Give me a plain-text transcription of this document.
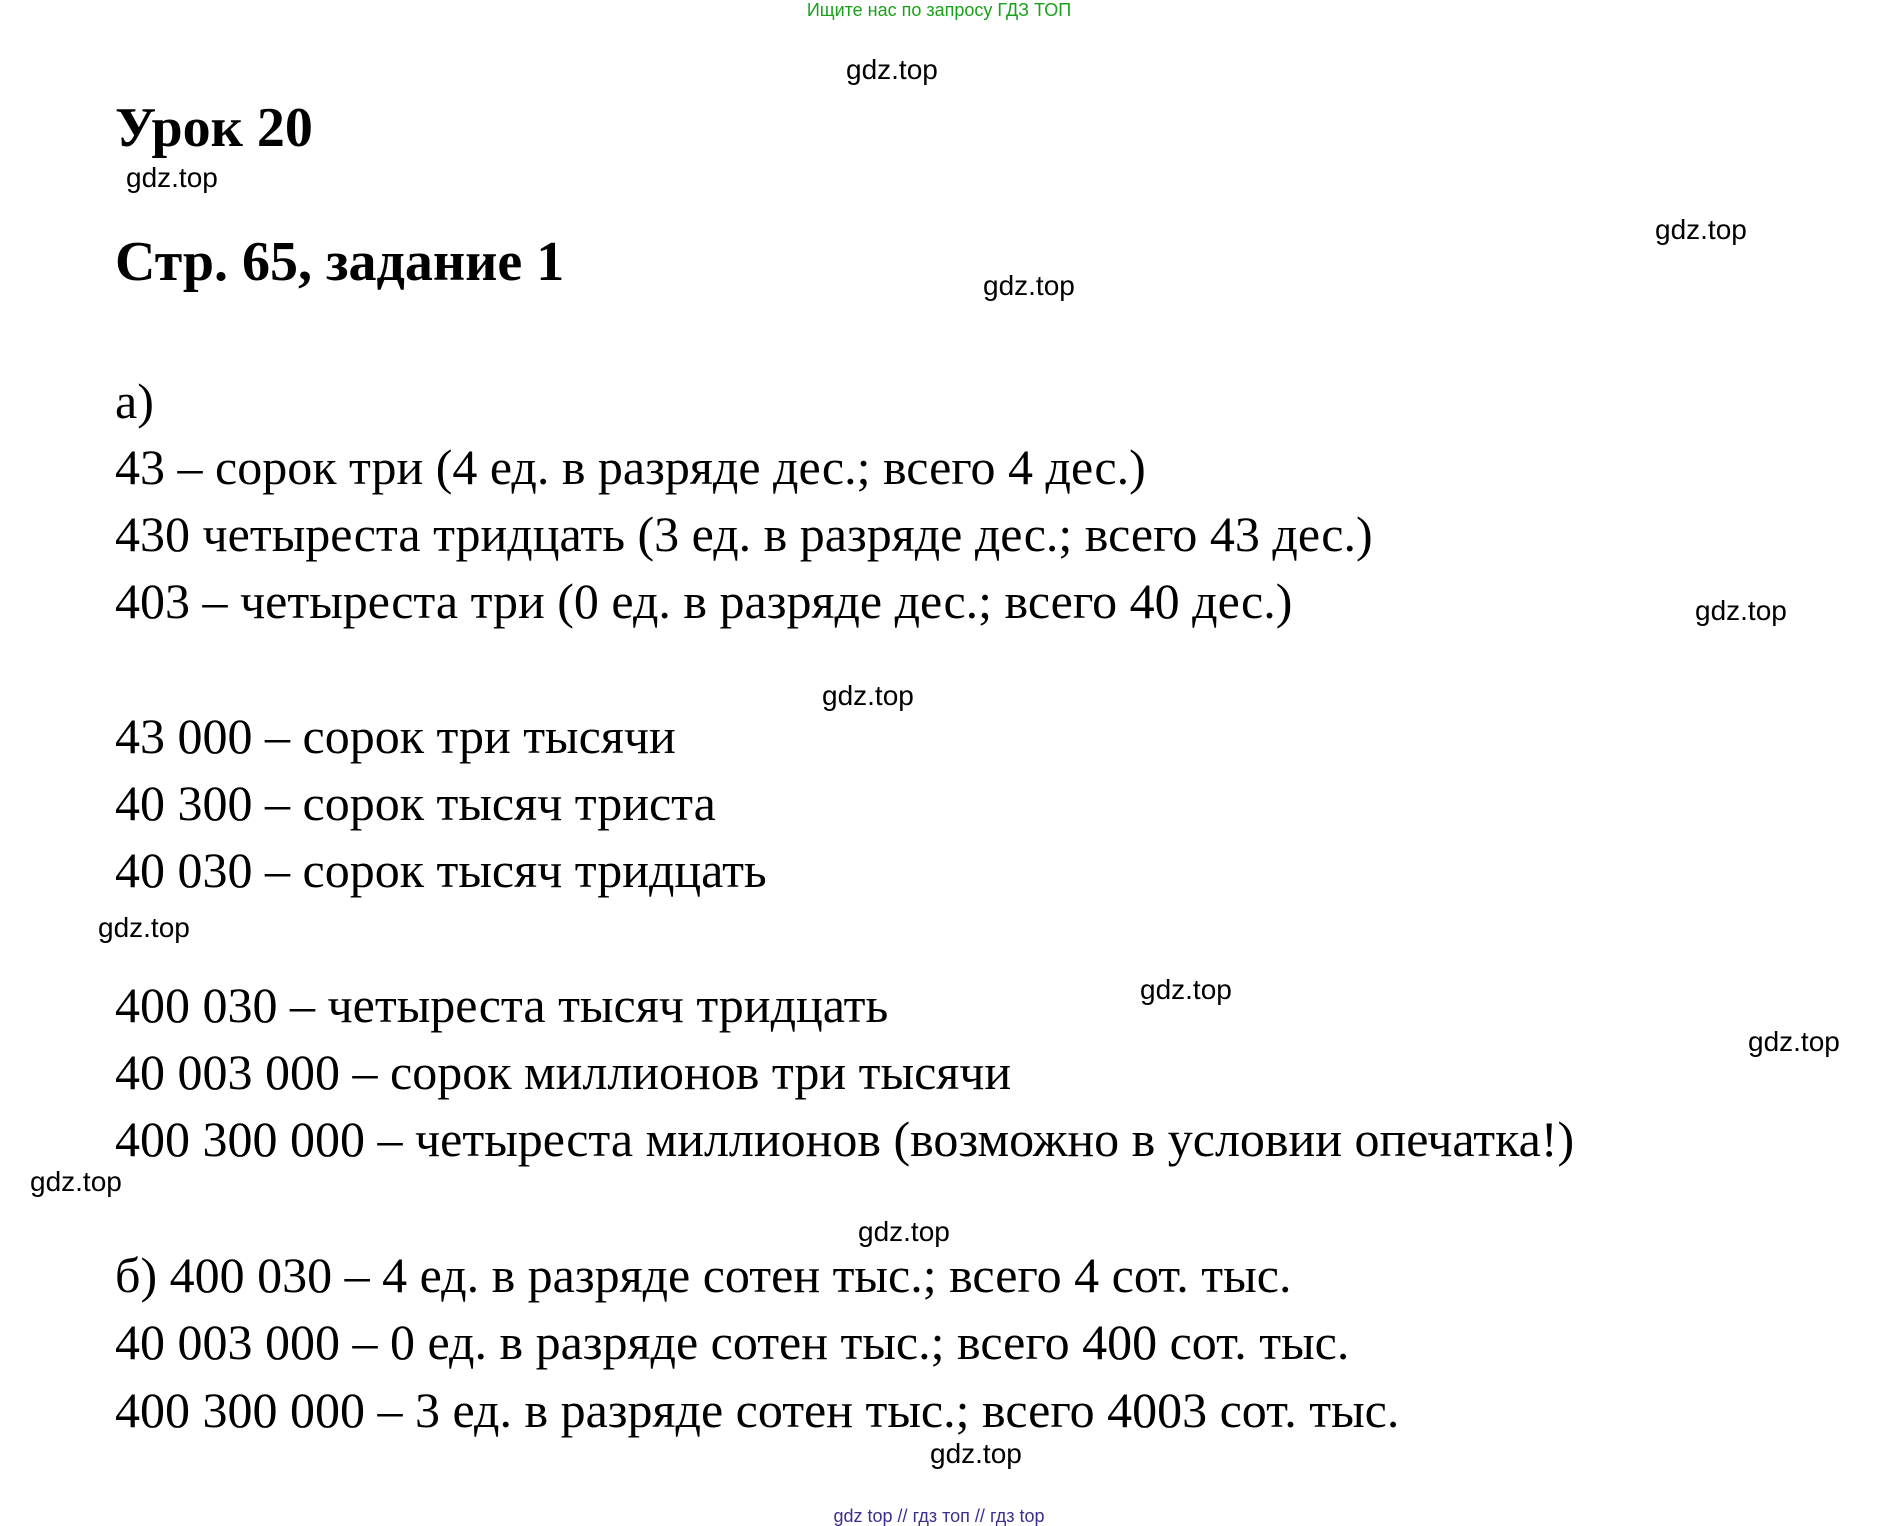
Ищите нас по запросу ГДЗ ТОП
gdz.top
gdz.top
gdz.top
gdz.top
gdz.top
gdz.top
gdz.top
gdz.top
gdz.top
gdz.top
gdz.top
gdz.top
Урок 20
Стр. 65, задание 1
а)
43 – сорок три (4 ед. в разряде дес.; всего 4 дес.)
430 четыреста тридцать (3 ед. в разряде дес.; всего 43 дес.)
403 – четыреста три (0 ед. в разряде дес.; всего 40 дес.)
43 000 – сорок три тысячи
40 300 – сорок тысяч триста
40 030 – сорок тысяч тридцать
400 030 – четыреста тысяч тридцать
40 003 000 – сорок миллионов три тысячи
400 300 000 – четыреста миллионов (возможно в условии опечатка!)
б) 400 030 – 4 ед. в разряде сотен тыс.; всего 4 сот. тыс.
40 003 000 – 0 ед. в разряде сотен тыс.; всего 400 сот. тыс.
400 300 000 – 3 ед. в разряде сотен тыс.; всего 4003 сот. тыс.
gdz top // гдз топ // гдз top
